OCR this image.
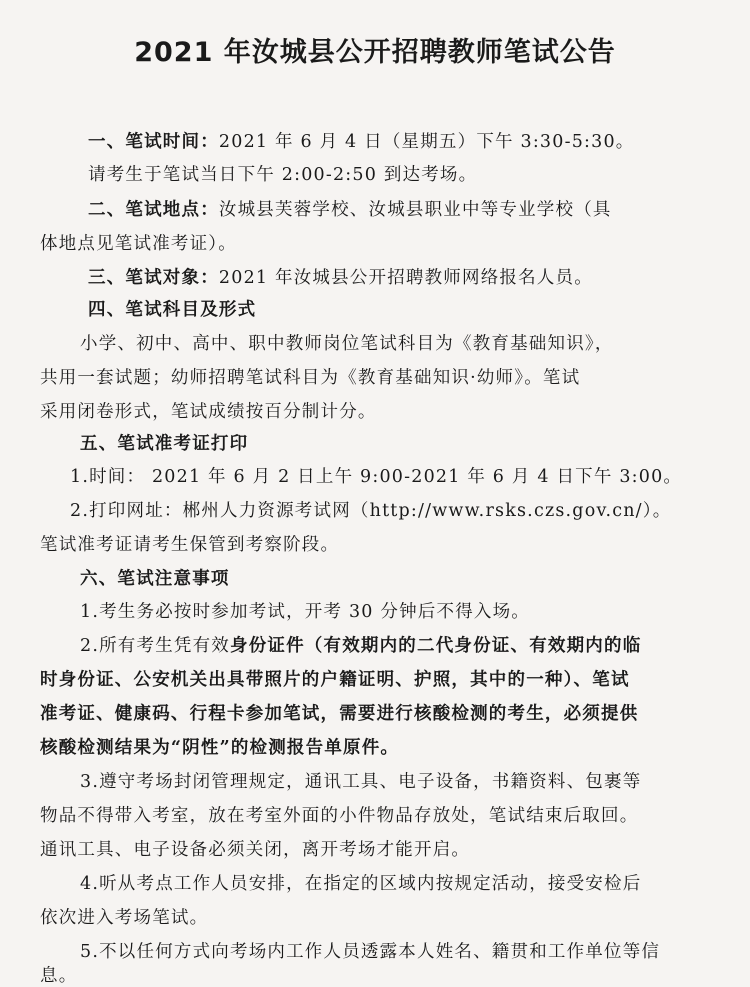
2021 年汝城县公开招聘教师笔试公告
一、笔试时间：2021 年 6 月 4 日（星期五）下午 3:30-5:30。
请考生于笔试当日下午 2:00-2:50 到达考场。
二、笔试地点：汝城县芙蓉学校、汝城县职业中等专业学校（具
体地点见笔试准考证）。
三、笔试对象：2021 年汝城县公开招聘教师网络报名人员。
四、笔试科目及形式
小学、初中、高中、职中教师岗位笔试科目为《教育基础知识》，
共用一套试题；幼师招聘笔试科目为《教育基础知识·幼师》。笔试
采用闭卷形式，笔试成绩按百分制计分。
五、笔试准考证打印
1.时间： 2021 年 6 月 2 日上午 9:00-2021 年 6 月 4 日下午 3:00。
2.打印网址：郴州人力资源考试网（http://www.rsks.czs.gov.cn/）。
笔试准考证请考生保管到考察阶段。
六、笔试注意事项
1.考生务必按时参加考试，开考 30 分钟后不得入场。
2.所有考生凭有效身份证件（有效期内的二代身份证、有效期内的临
时身份证、公安机关出具带照片的户籍证明、护照，其中的一种）、笔试
准考证、健康码、行程卡参加笔试，需要进行核酸检测的考生，必须提供
核酸检测结果为“阴性”的检测报告单原件。
3.遵守考场封闭管理规定，通讯工具、电子设备，书籍资料、包裹等
物品不得带入考室，放在考室外面的小件物品存放处，笔试结束后取回。
通讯工具、电子设备必须关闭，离开考场才能开启。
4.听从考点工作人员安排，在指定的区域内按规定活动，接受安检后
依次进入考场笔试。
5.不以任何方式向考场内工作人员透露本人姓名、籍贯和工作单位等信
息。
